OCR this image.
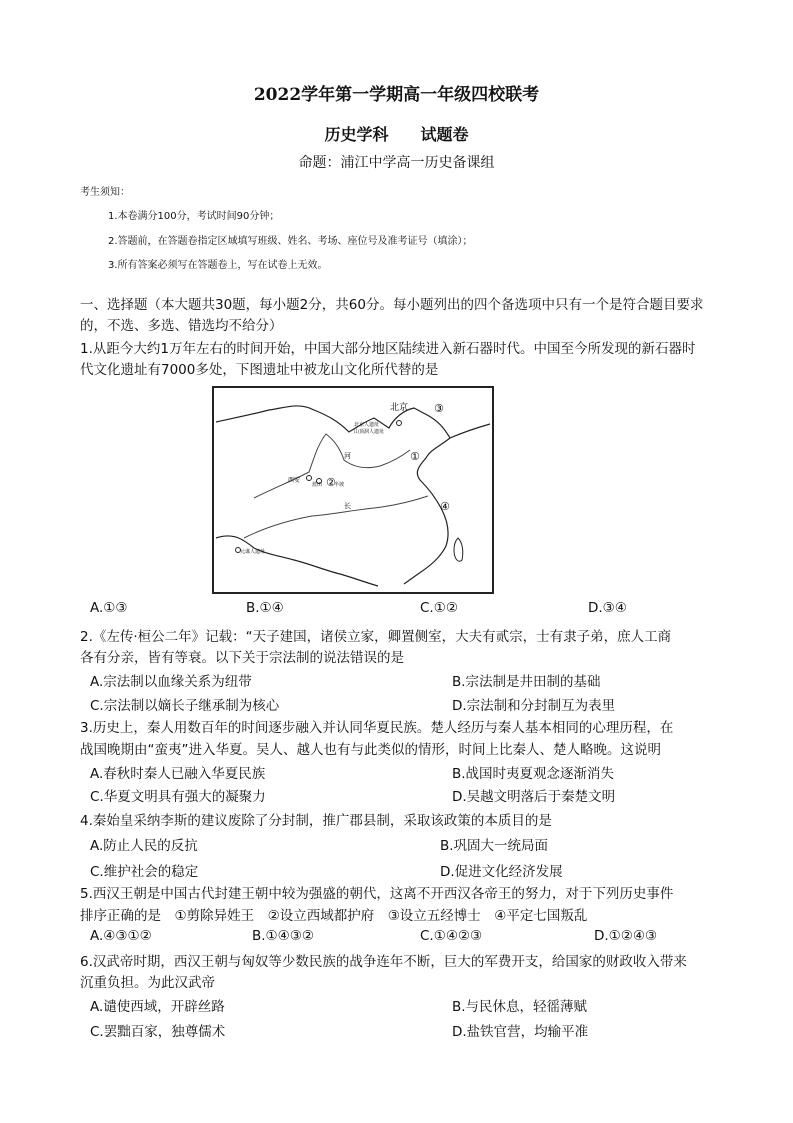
2022学年第一学期高一年级四校联考
历史学科　　试题卷
命题：浦江中学高一历史备课组
考生须知：
1.本卷满分100分，考试时间90分钟；
2.答题前，在答题卷指定区域填写班级、姓名、考场、座位号及准考证号（填涂）；
3.所有答案必须写在答题卷上，写在试卷上无效。
一、选择题（本大题共30题，每小题2分，共60分。每小题列出的四个备选项中只有一个是符合题目要求
的，不选、多选、错选均不给分）
1.从距今大约1万年左右的时间开始，中国大部分地区陆续进入新石器时代。中国至今所发现的新石器时
代文化遗址有7000多处，下图遗址中被龙山文化所代替的是
北京
北京人遗址
山顶洞人遗址
西安
蓝田 半坡
元谋人遗址
河
长
①
②
③
④
A.①③	B.①④	C.①②	D.③④
2.《左传·桓公二年》记载：“天子建国，诸侯立家，卿置侧室，大夫有贰宗，士有隶子弟，庶人工商
各有分亲，皆有等衰。以下关于宗法制的说法错误的是
A.宗法制以血缘关系为纽带	B.宗法制是井田制的基础
C.宗法制以嫡长子继承制为核心	D.宗法制和分封制互为表里
3.历史上，秦人用数百年的时间逐步融入并认同华夏民族。楚人经历与秦人基本相同的心理历程，在
战国晚期由“蛮夷”进入华夏。吴人、越人也有与此类似的情形，时间上比秦人、楚人略晚。这说明
A.春秋时秦人已融入华夏民族	B.战国时夷夏观念逐渐消失
C.华夏文明具有强大的凝聚力	D.吴越文明落后于秦楚文明
4.秦始皇采纳李斯的建议废除了分封制，推广郡县制，采取该政策的本质目的是
A.防止人民的反抗	B.巩固大一统局面
C.维护社会的稳定	D.促进文化经济发展
5.西汉王朝是中国古代封建王朝中较为强盛的朝代，这离不开西汉各帝王的努力，对于下列历史事件
排序正确的是　①剪除异姓王　②设立西域都护府　③设立五经博士　④平定七国叛乱
A.④③①②	B.①④③②	C.①④②③	D.①②④③
6.汉武帝时期，西汉王朝与匈奴等少数民族的战争连年不断，巨大的军费开支，给国家的财政收入带来
沉重负担。为此汉武帝
A.谴使西域，开辟丝路	B.与民休息，轻徭薄赋
C.罢黜百家，独尊儒术	D.盐铁官营，均输平准
